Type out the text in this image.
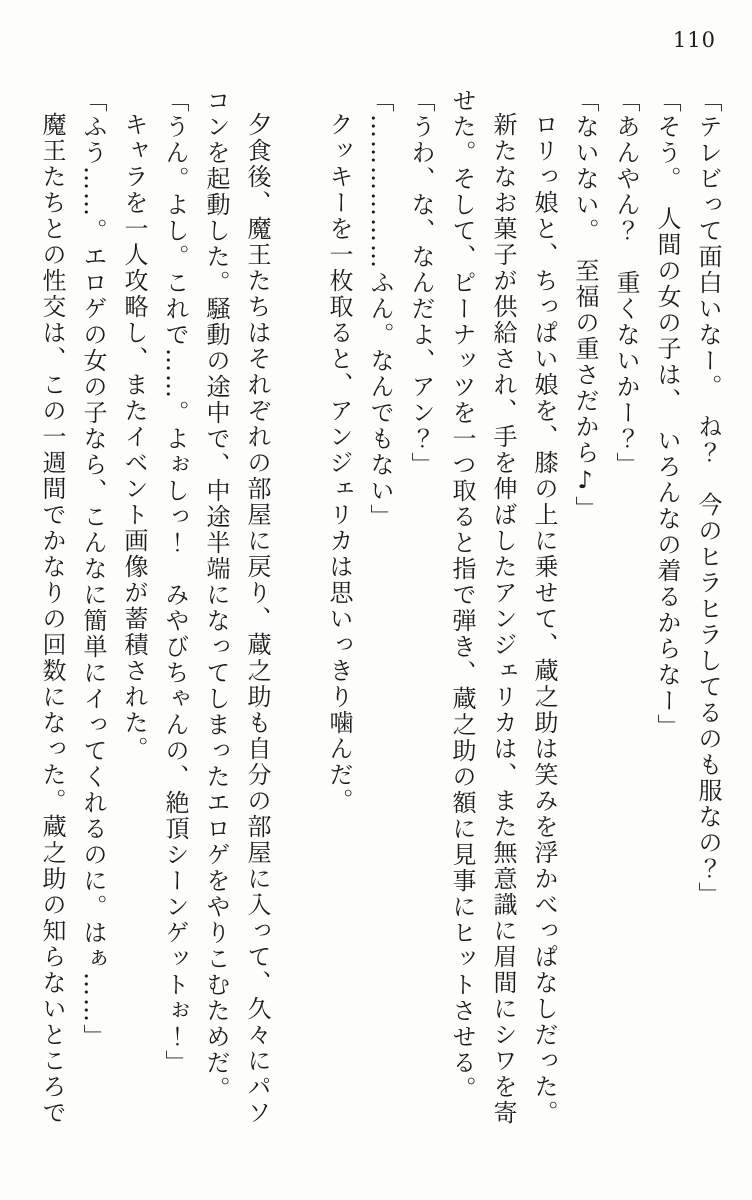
110

「テレビって面白いなー。　ね？　今のヒラヒラしてるのも服なの？」

「そう。　人間の女の子は、　いろんなの着るからなー」

「あんやん？　重くないかー？」

「ないない。　至福の重さだから♪」

ロリっ娘と、ちっぱい娘を、膝の上に乗せて、蔵之助は笑みを浮かべっぱなしだった。

新たなお菓子が供給され、手を伸ばしたアンジェリカは、また無意識に眉間にシワを寄

せた。そして、ピーナッツを一つ取ると指で弾き、蔵之助の額に見事にヒットさせる。

「うわ、な、なんだよ、アン？」

「………………ふん。なんでもない」

クッキーを一枚取ると、アンジェリカは思いっきり噛んだ。

夕食後、魔王たちはそれぞれの部屋に戻り、蔵之助も自分の部屋に入って、久々にパソ

コンを起動した。騒動の途中で、中途半端になってしまったエロゲをやりこむためだ。

「うん。よし。これで……。よぉしっ！　みやびちゃんの、絶頂シーンゲットぉ！」

キャラを一人攻略し、またイベント画像が蓄積された。

「ふう……。エロゲの女の子なら、こんなに簡単にイってくれるのに。はぁ……」

魔王たちとの性交は、この一週間でかなりの回数になった。蔵之助の知らないところで
